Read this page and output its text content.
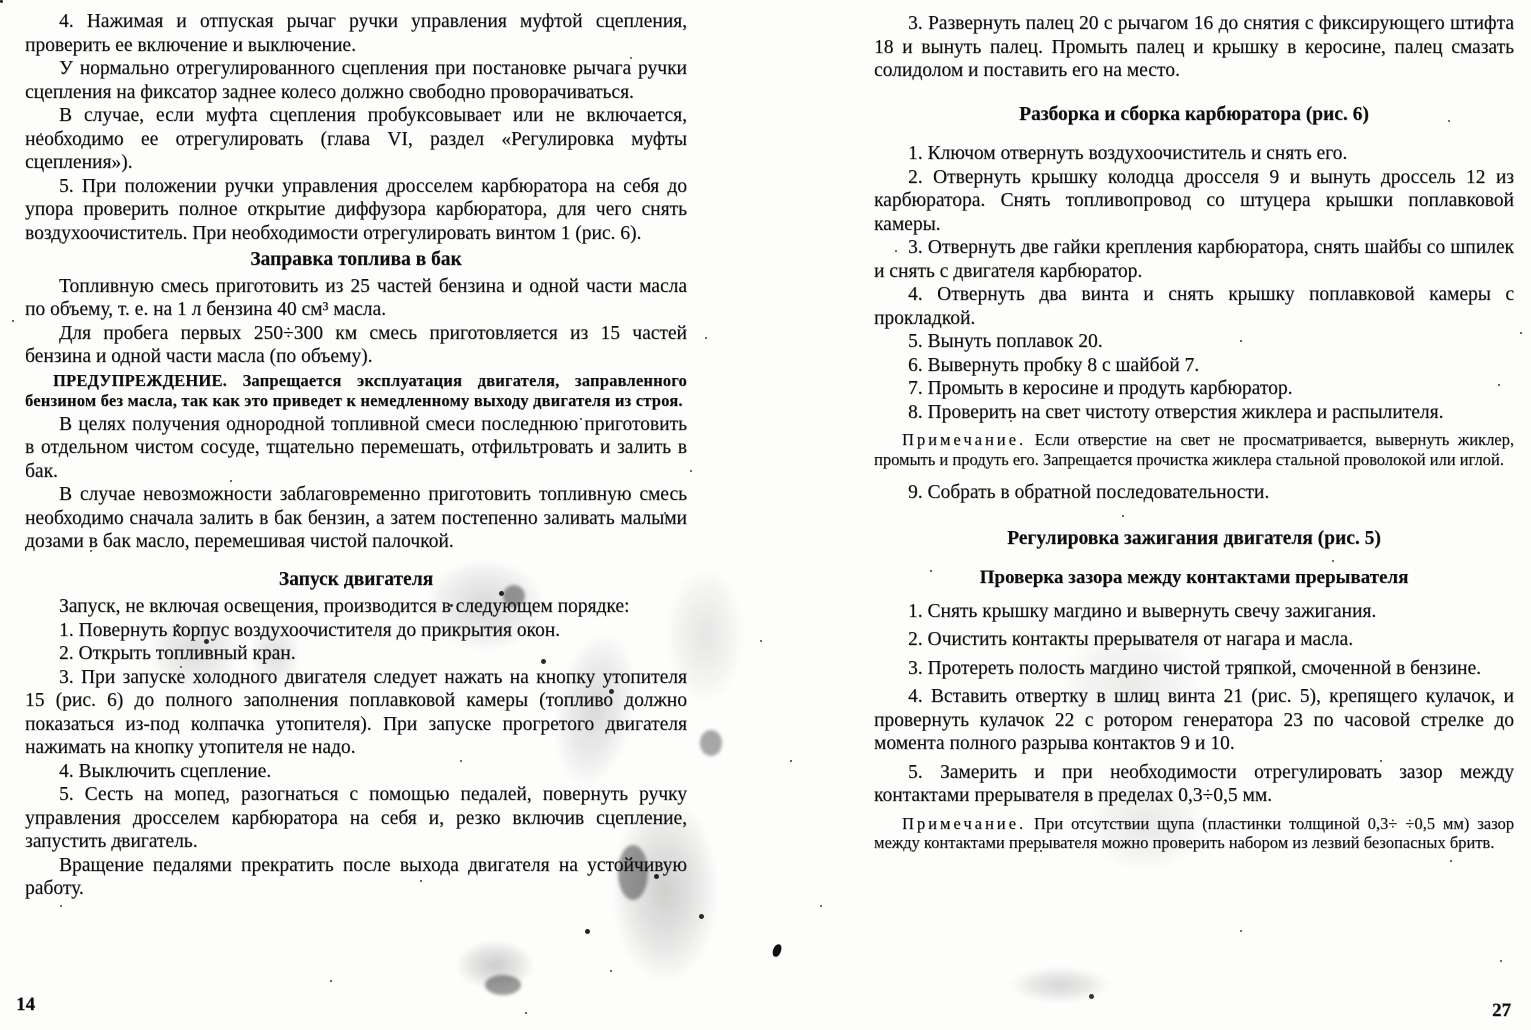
4. Нажимая и отпуская рычаг ручки управления муфтой сцепления, проверить ее включение и выключение.

У нормально отрегулированного сцепления при постановке рычага ручки сцепления на фиксатор заднее колесо должно свободно проворачиваться.

В случае, если муфта сцепления пробуксовывает или не включается, необходимо ее отрегулировать (глава VI, раздел «Регулировка муфты сцепления»).

5. При положении ручки управления дросселем карбюратора на себя до упора проверить полное открытие диффузора карбюратора, для чего снять воздухоочиститель. При необходимости отрегулировать винтом 1 (рис. 6).

Заправка топлива в бак

Топливную смесь приготовить из 25 частей бензина и одной части масла по объему, т. е. на 1 л бензина 40 см³ масла.

Для пробега первых 250÷300 км смесь приготовляется из 15 частей бензина и одной части масла (по объему).

ПРЕДУПРЕЖДЕНИЕ. Запрещается эксплуатация двигателя, заправленного бензином без масла, так как это приведет к немедленному выходу двигателя из строя.

В целях получения однородной топливной смеси последнюю приготовить в отдельном чистом сосуде, тщательно перемешать, отфильтровать и залить в бак.

В случае невозможности заблаговременно приготовить топливную смесь необходимо сначала залить в бак бензин, а затем постепенно заливать малыми дозами в бак масло, перемешивая чистой палочкой.

Запуск двигателя

Запуск, не включая освещения, производится в следующем порядке:

1. Повернуть корпус воздухоочистителя до прикрытия окон.

2. Открыть топливный кран.

3. При запуске холодного двигателя следует нажать на кнопку утопителя 15 (рис. 6) до полного заполнения поплавковой камеры (топливо должно показаться из-под колпачка утопителя). При запуске прогретого двигателя нажимать на кнопку утопителя не надо.

4. Выключить сцепление.

5. Сесть на мопед, разогнаться с помощью педалей, повернуть ручку управления дросселем карбюратора на себя и, резко включив сцепление, запустить двигатель.

Вращение педалями прекратить после выхода двигателя на устойчивую работу.

3. Развернуть палец 20 с рычагом 16 до снятия с фиксирующего штифта 18 и вынуть палец. Промыть палец и крышку в керосине, палец смазать солидолом и поставить его на место.

Разборка и сборка карбюратора (рис. 6)

1. Ключом отвернуть воздухоочиститель и снять его.

2. Отвернуть крышку колодца дросселя 9 и вынуть дроссель 12 из карбюратора. Снять топливопровод со штуцера крышки поплавковой камеры.

3. Отвернуть две гайки крепления карбюратора, снять шайбы со шпилек и снять с двигателя карбюратор.

4. Отвернуть два винта и снять крышку поплавковой камеры с прокладкой.

5. Вынуть поплавок 20.

6. Вывернуть пробку 8 с шайбой 7.

7. Промыть в керосине и продуть карбюратор.

8. Проверить на свет чистоту отверстия жиклера и распылителя.

Примечание. Если отверстие на свет не просматривается, вывернуть жиклер, промыть и продуть его. Запрещается прочистка жиклера стальной проволокой или иглой.

9. Собрать в обратной последовательности.

Регулировка зажигания двигателя (рис. 5)
Проверка зазора между контактами прерывателя

1. Снять крышку магдино и вывернуть свечу зажигания.

2. Очистить контакты прерывателя от нагара и масла.

3. Протереть полость магдино чистой тряпкой, смоченной в бензине.

4. Вставить отвертку в шлиц винта 21 (рис. 5), крепящего кулачок, и провернуть кулачок 22 с ротором генератора 23 по часовой стрелке до момента полного разрыва контактов 9 и 10.

5. Замерить и при необходимости отрегулировать зазор между контактами прерывателя в пределах 0,3÷0,5 мм.

Примечание. При отсутствии щупа (пластинки толщиной 0,3÷ ÷0,5 мм) зазор между контактами прерывателя можно проверить набором из лезвий безопасных бритв.

14	27
